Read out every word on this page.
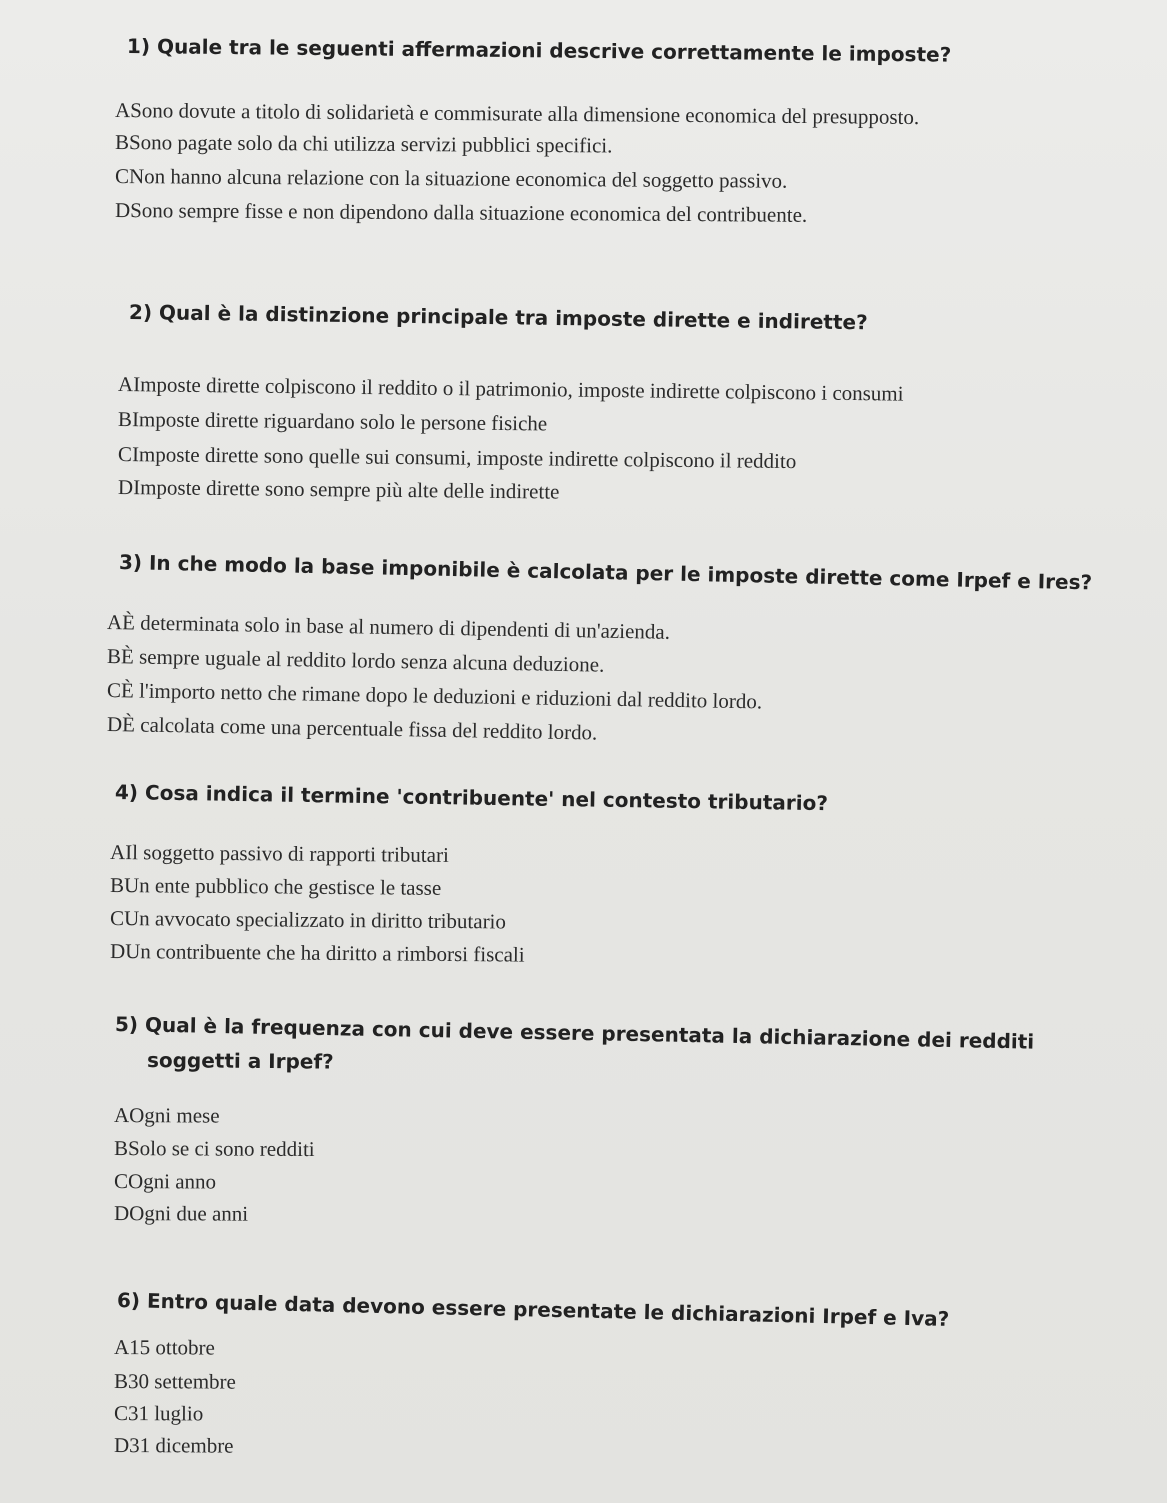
1) Quale tra le seguenti affermazioni descrive correttamente le imposte?
ASono dovute a titolo di solidarietà e commisurate alla dimensione economica del presupposto.
BSono pagate solo da chi utilizza servizi pubblici specifici.
CNon hanno alcuna relazione con la situazione economica del soggetto passivo.
DSono sempre fisse e non dipendono dalla situazione economica del contribuente.
2) Qual è la distinzione principale tra imposte dirette e indirette?
AImposte dirette colpiscono il reddito o il patrimonio, imposte indirette colpiscono i consumi
BImposte dirette riguardano solo le persone fisiche
CImposte dirette sono quelle sui consumi, imposte indirette colpiscono il reddito
DImposte dirette sono sempre più alte delle indirette
3) In che modo la base imponibile è calcolata per le imposte dirette come Irpef e Ires?
AÈ determinata solo in base al numero di dipendenti di un'azienda.
BÈ sempre uguale al reddito lordo senza alcuna deduzione.
CÈ l'importo netto che rimane dopo le deduzioni e riduzioni dal reddito lordo.
DÈ calcolata come una percentuale fissa del reddito lordo.
4) Cosa indica il termine 'contribuente' nel contesto tributario?
AIl soggetto passivo di rapporti tributari
BUn ente pubblico che gestisce le tasse
CUn avvocato specializzato in diritto tributario
DUn contribuente che ha diritto a rimborsi fiscali
5) Qual è la frequenza con cui deve essere presentata la dichiarazione dei redditi
soggetti a Irpef?
AOgni mese
BSolo se ci sono redditi
COgni anno
DOgni due anni
6) Entro quale data devono essere presentate le dichiarazioni Irpef e Iva?
A15 ottobre
B30 settembre
C31 luglio
D31 dicembre
